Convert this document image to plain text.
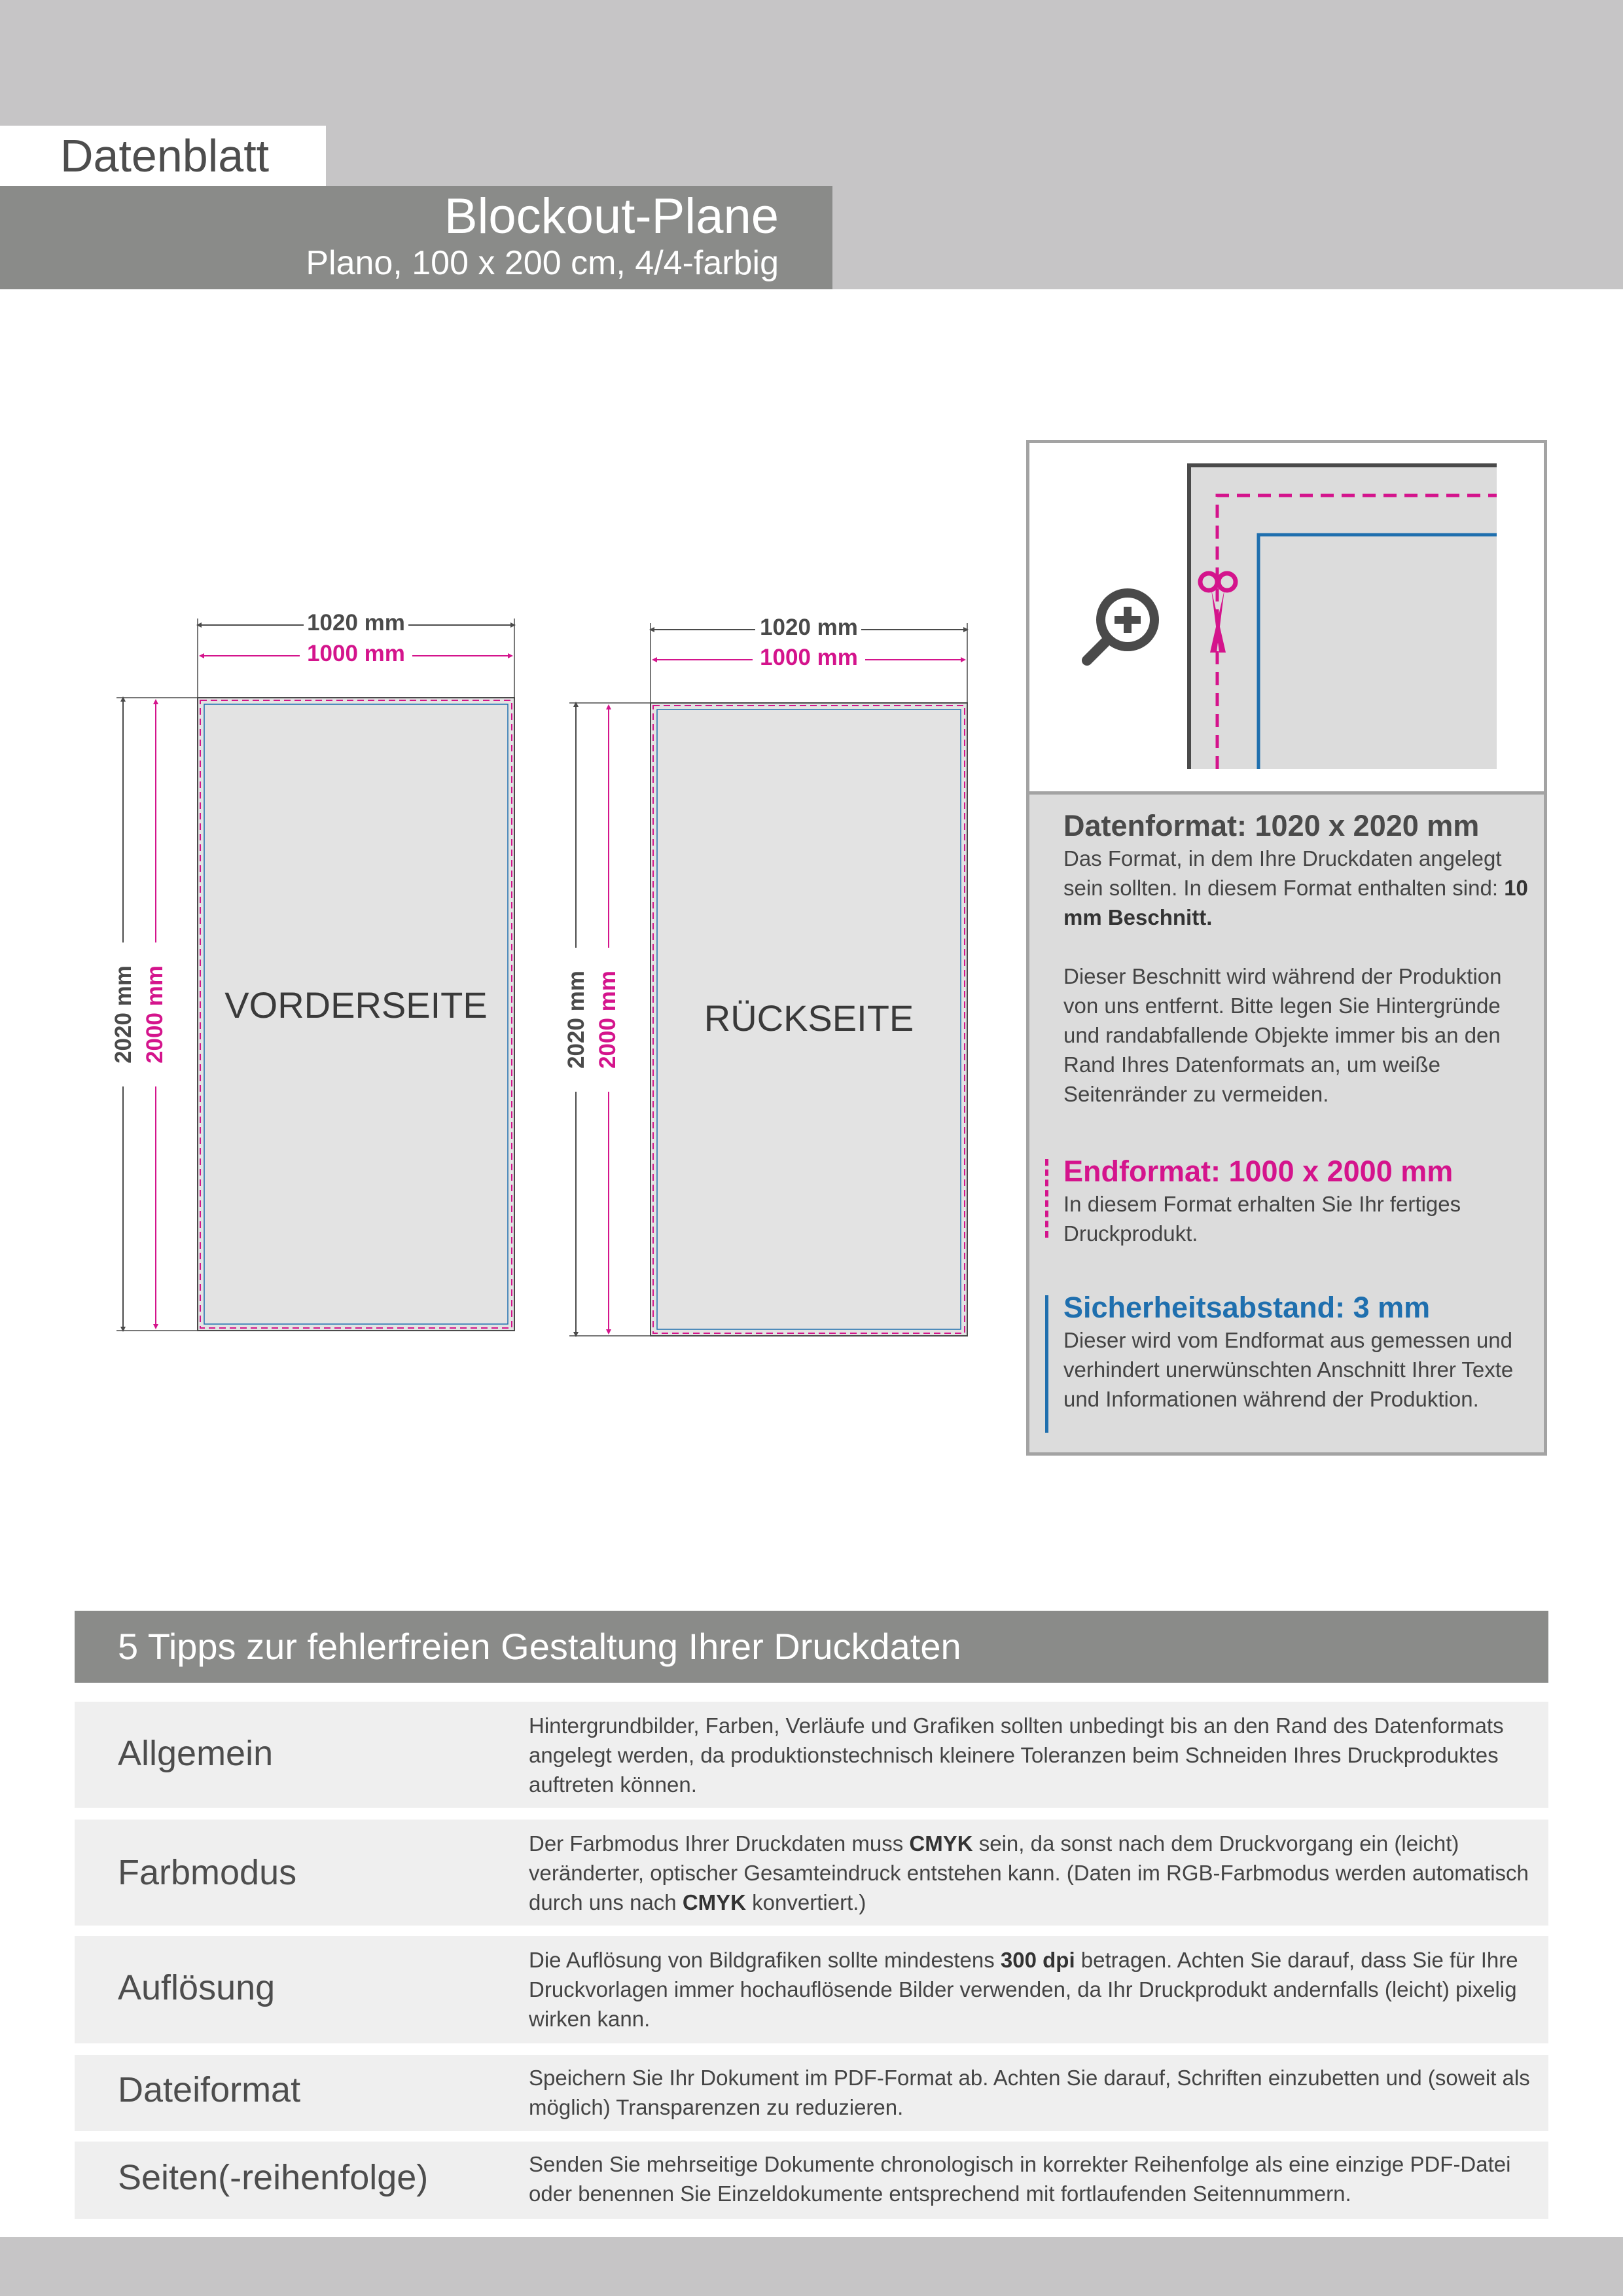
Datenblatt
Blockout-Plane
Plano, 100 x 200 cm, 4/4-farbig
1020 mm
1000 mm
2020 mm 2000 mm VORDERSEITE
1020 mm
1000 mm
2020 mm 2000 mm RÜCKSEITE
Datenformat: 1020 x 2020 mm
Das Format, in dem Ihre Druckdaten angelegt sein sollten. In diesem Format enthalten sind: 10 mm Beschnitt.
Dieser Beschnitt wird während der Produktion von uns entfernt. Bitte legen Sie Hintergründe und randabfallende Objekte immer bis an den Rand Ihres Datenformats an, um weiße Seitenränder zu vermeiden.
Endformat: 1000 x 2000 mm
In diesem Format erhalten Sie Ihr fertiges Druckprodukt.
Sicherheitsabstand: 3 mm
Dieser wird vom Endformat aus gemessen und verhindert unerwünschten Anschnitt Ihrer Texte und Informationen während der Produktion.
5 Tipps zur fehlerfreien Gestaltung Ihrer Druckdaten
Allgemein
Hintergrundbilder, Farben, Verläufe und Grafiken sollten unbedingt bis an den Rand des Datenformats angelegt werden, da produktionstechnisch kleinere Toleranzen beim Schneiden Ihres Druckproduktes auftreten können.
Farbmodus
Der Farbmodus Ihrer Druckdaten muss CMYK sein, da sonst nach dem Druckvorgang ein (leicht) veränderter, optischer Gesamteindruck entstehen kann. (Daten im RGB-Farbmodus werden automatisch durch uns nach CMYK konvertiert.)
Auflösung
Die Auflösung von Bildgrafiken sollte mindestens 300 dpi betragen. Achten Sie darauf, dass Sie für Ihre Druckvorlagen immer hochauflösende Bilder verwenden, da Ihr Druckprodukt andernfalls (leicht) pixelig wirken kann.
Dateiformat	Speichern Sie Ihr Dokument im PDF-Format ab. Achten Sie darauf, Schriften einzubetten und (soweit als möglich) Transparenzen zu reduzieren.
Seiten(-reihenfolge)	Senden Sie mehrseitige Dokumente chronologisch in korrekter Reihenfolge als eine einzige PDF-Datei oder benennen Sie Einzeldokumente entsprechend mit fortlaufenden Seitennummern.
